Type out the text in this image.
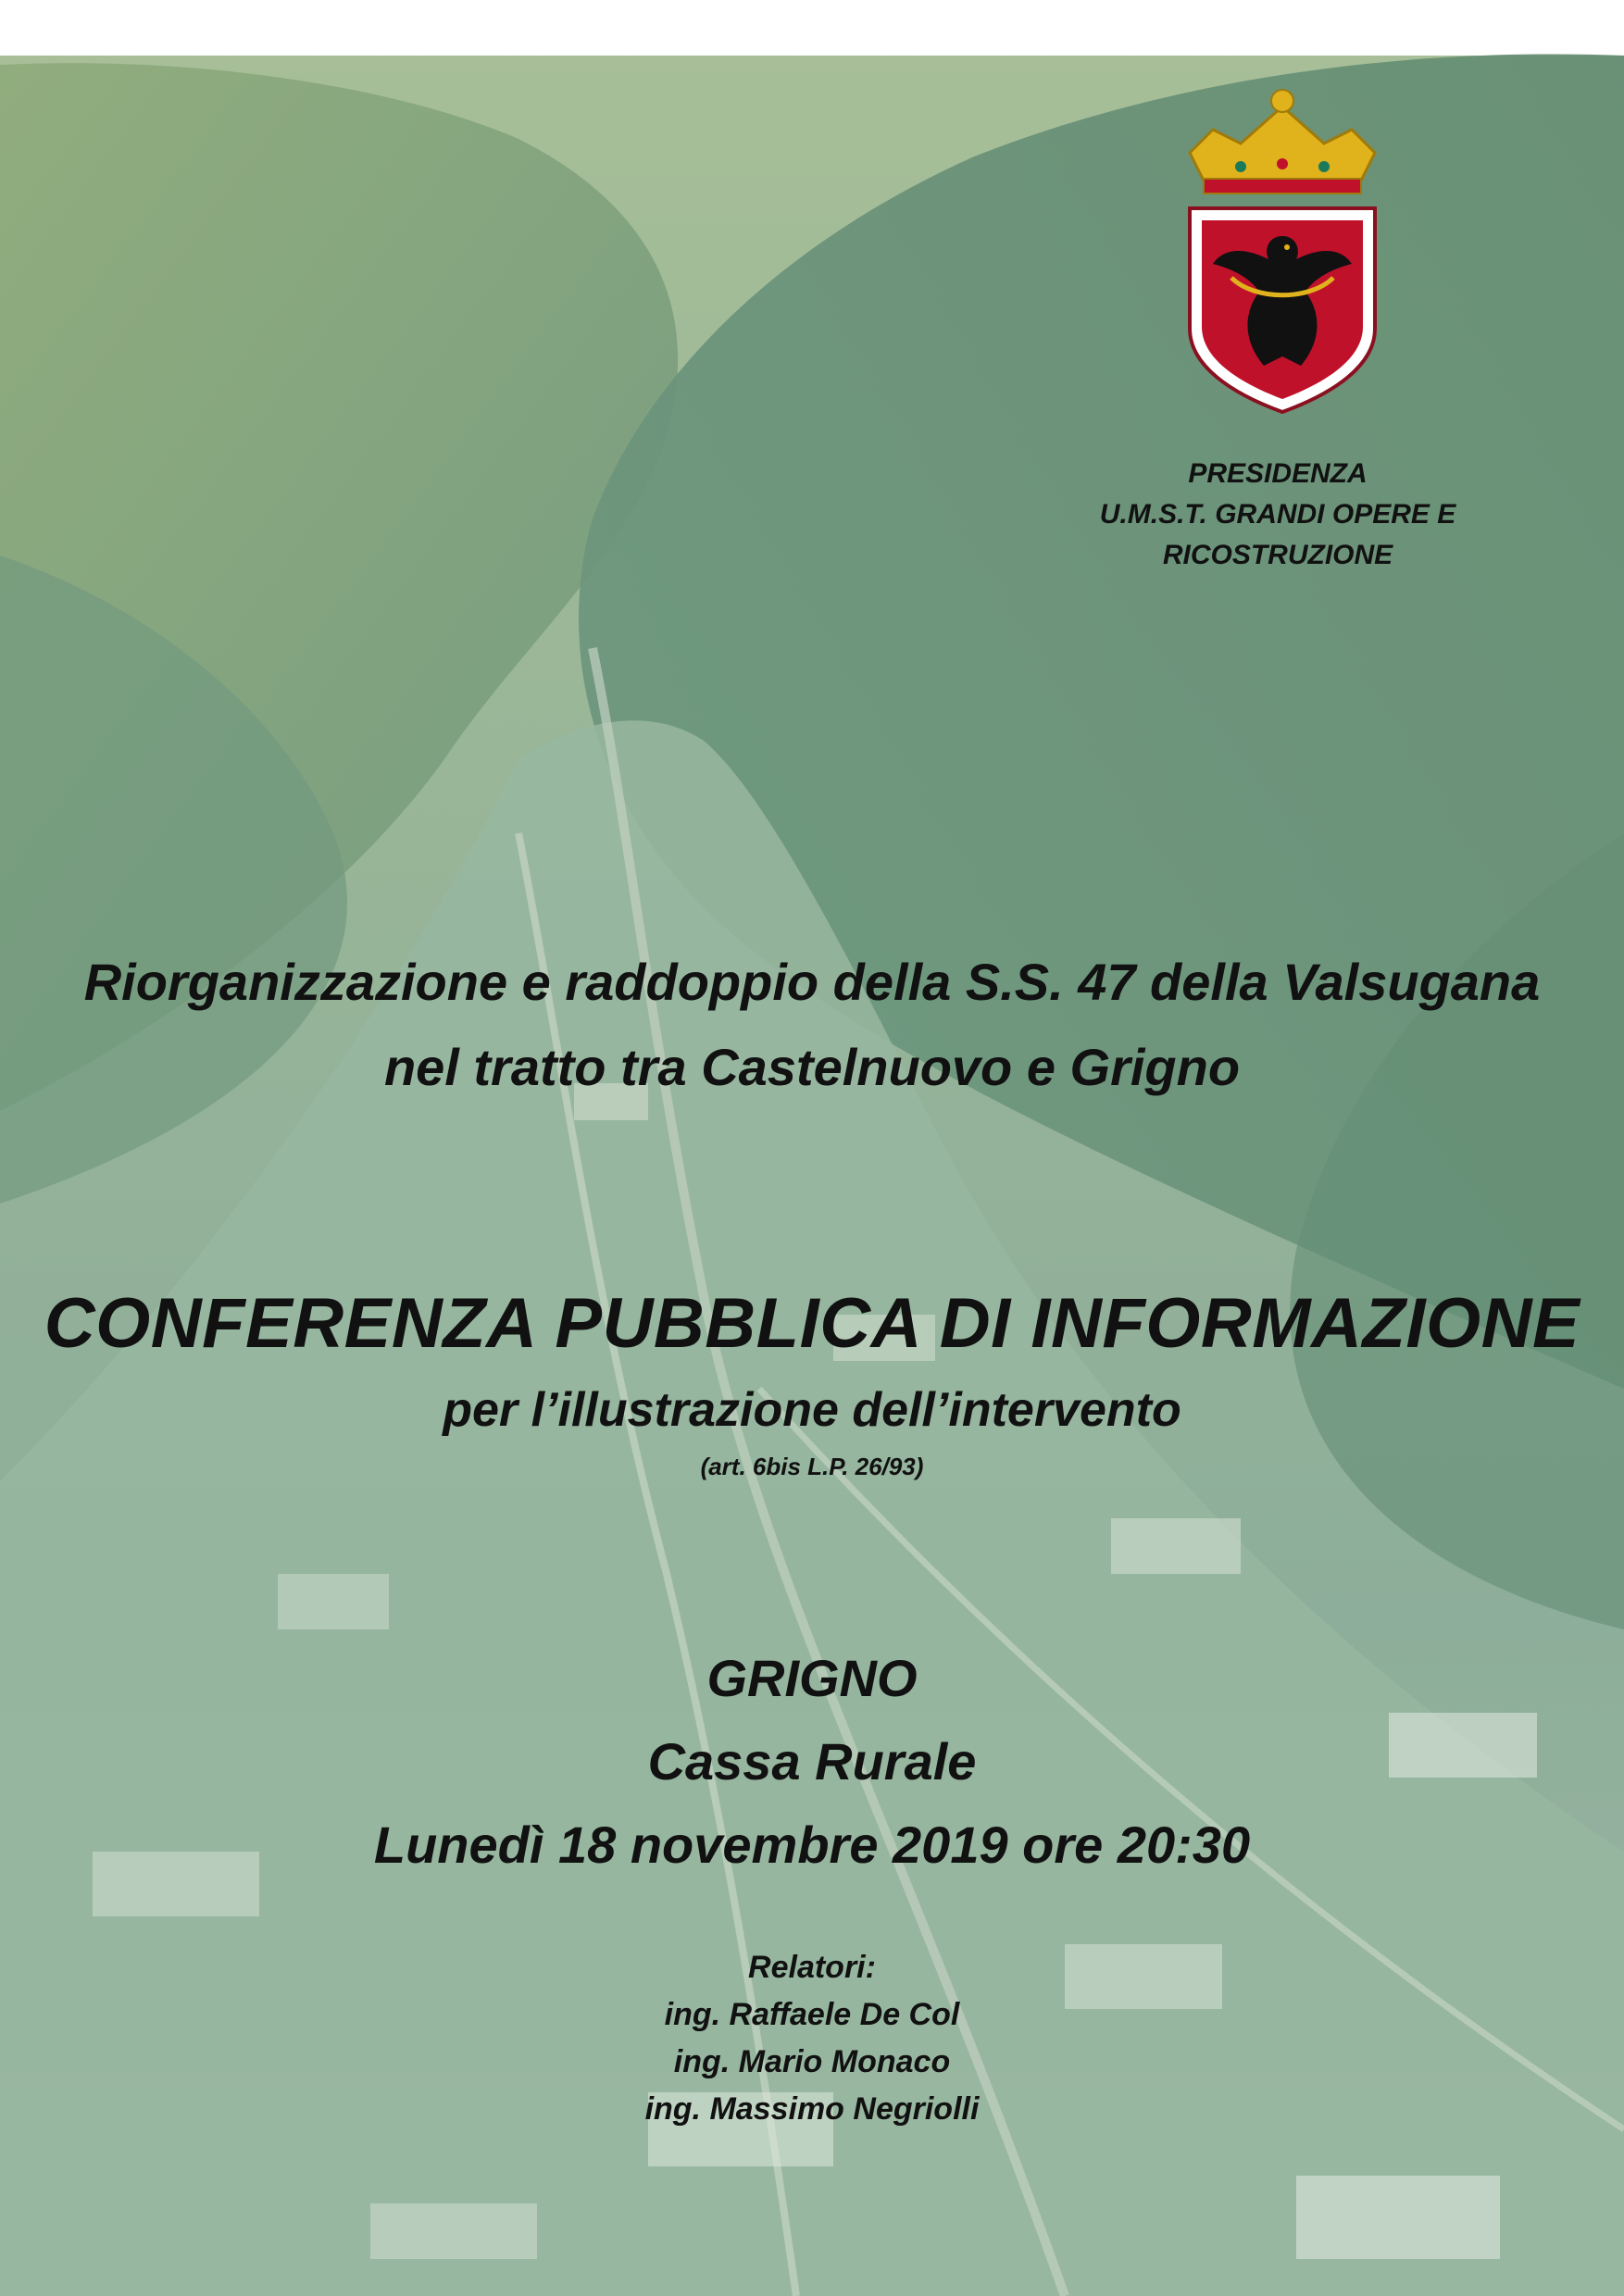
PRESIDENZA
U.M.S.T. GRANDI OPERE E RICOSTRUZIONE
Riorganizzazione e raddoppio della S.S. 47 della Valsugana
nel tratto tra Castelnuovo e Grigno
CONFERENZA PUBBLICA DI INFORMAZIONE
per l’illustrazione dell’intervento
(art. 6bis L.P. 26/93)
GRIGNO
Cassa Rurale
Lunedì 18 novembre 2019 ore 20:30
Relatori:
ing. Raffaele De Col
ing. Mario Monaco
ing. Massimo Negriolli
